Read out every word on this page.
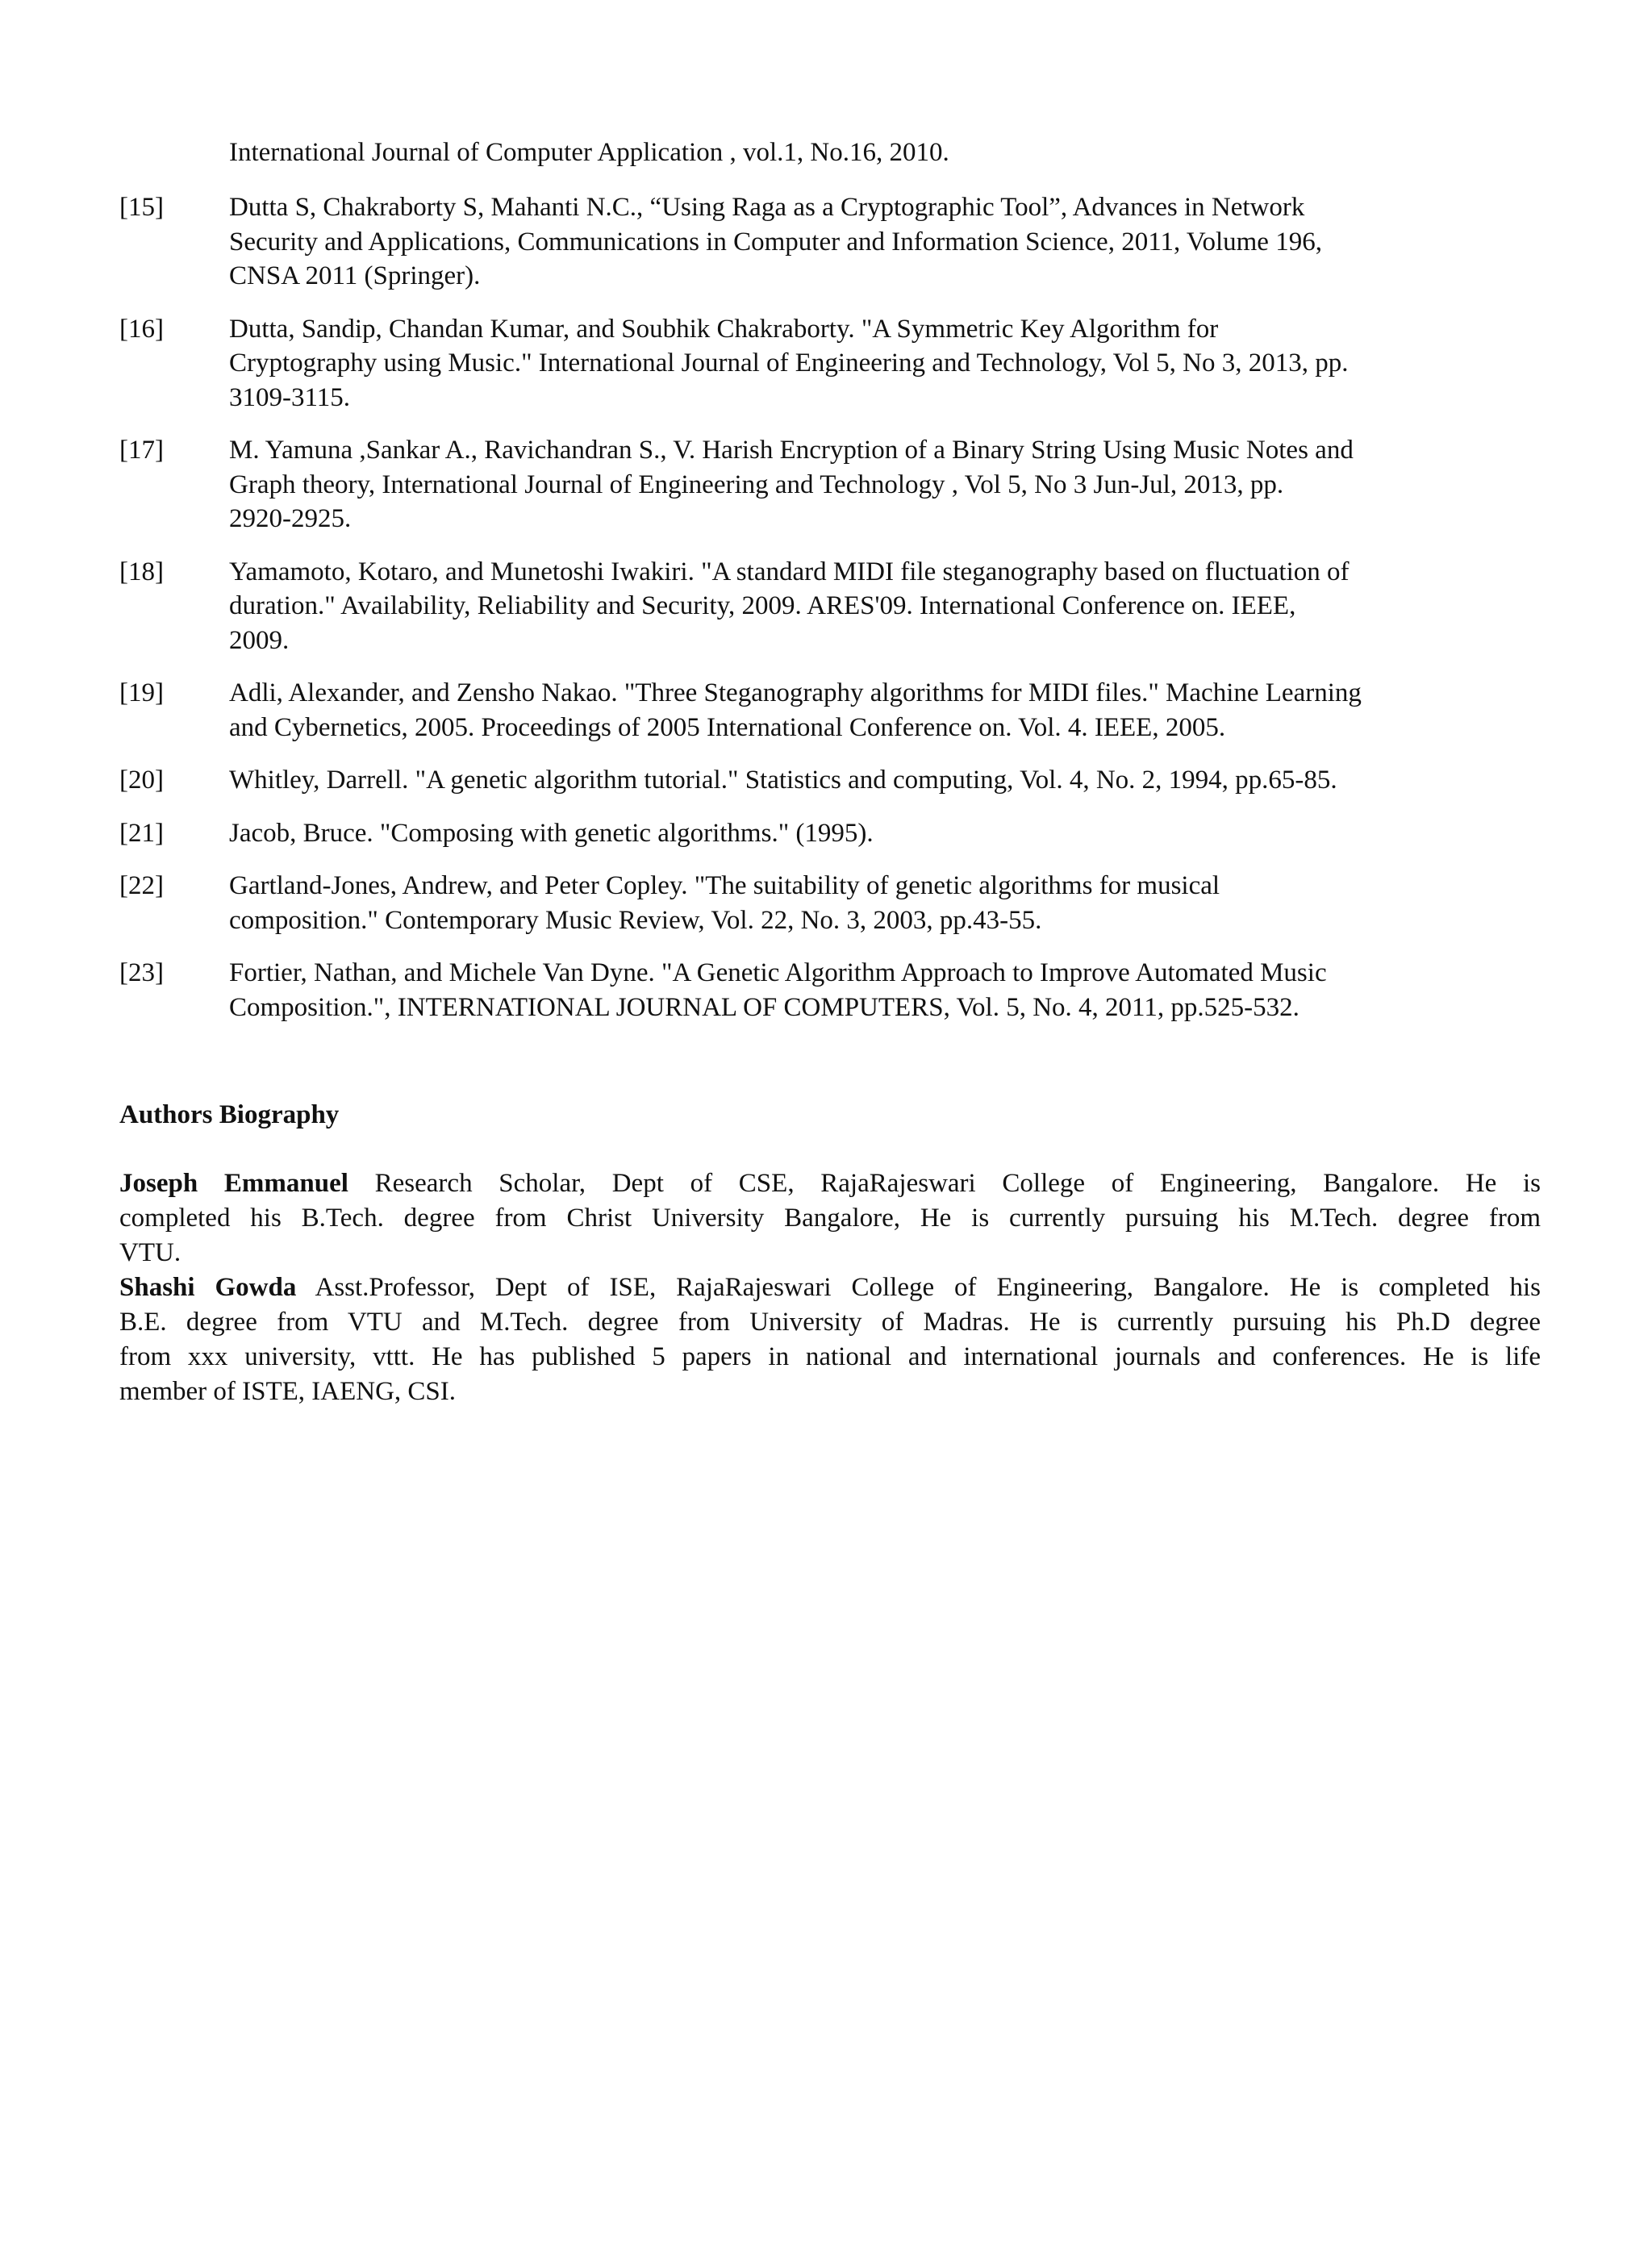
International Journal of Computer Application , vol.1, No.16, 2010.
[15] Dutta S, Chakraborty S, Mahanti N.C., “Using Raga as a Cryptographic Tool”, Advances in Network
Security and Applications, Communications in Computer and Information Science, 2011, Volume 196,
CNSA 2011 (Springer).
[16] Dutta, Sandip, Chandan Kumar, and Soubhik Chakraborty. "A Symmetric Key Algorithm for
Cryptography using Music." International Journal of Engineering and Technology, Vol 5, No 3, 2013, pp.
3109-3115.
[17] M. Yamuna ,Sankar A., Ravichandran S., V. Harish Encryption of a Binary String Using Music Notes and
Graph theory, International Journal of Engineering and Technology , Vol 5, No 3 Jun-Jul, 2013, pp.
2920-2925.
[18] Yamamoto, Kotaro, and Munetoshi Iwakiri. "A standard MIDI file steganography based on fluctuation of
duration." Availability, Reliability and Security, 2009. ARES'09. International Conference on. IEEE,
2009.
[19] Adli, Alexander, and Zensho Nakao. "Three Steganography algorithms for MIDI files." Machine Learning
and Cybernetics, 2005. Proceedings of 2005 International Conference on. Vol. 4. IEEE, 2005.
[20] Whitley, Darrell. "A genetic algorithm tutorial." Statistics and computing, Vol. 4, No. 2, 1994, pp.65-85.
[21] Jacob, Bruce. "Composing with genetic algorithms." (1995).
[22] Gartland-Jones, Andrew, and Peter Copley. "The suitability of genetic algorithms for musical
composition." Contemporary Music Review, Vol. 22, No. 3, 2003, pp.43-55.
[23] Fortier, Nathan, and Michele Van Dyne. "A Genetic Algorithm Approach to Improve Automated Music
Composition.", INTERNATIONAL JOURNAL OF COMPUTERS, Vol. 5, No. 4, 2011, pp.525-532.
Authors Biography
Joseph Emmanuel Research Scholar, Dept of CSE, RajaRajeswari College of Engineering, Bangalore. He is
completed his B.Tech. degree from Christ University Bangalore, He is currently pursuing his M.Tech. degree from
VTU.
Shashi Gowda Asst.Professor, Dept of ISE, RajaRajeswari College of Engineering, Bangalore. He is completed his
B.E. degree from VTU and M.Tech. degree from University of Madras. He is currently pursuing his Ph.D degree
from xxx university, vttt. He has published 5 papers in national and international journals and conferences. He is life
member of ISTE, IAENG, CSI.
